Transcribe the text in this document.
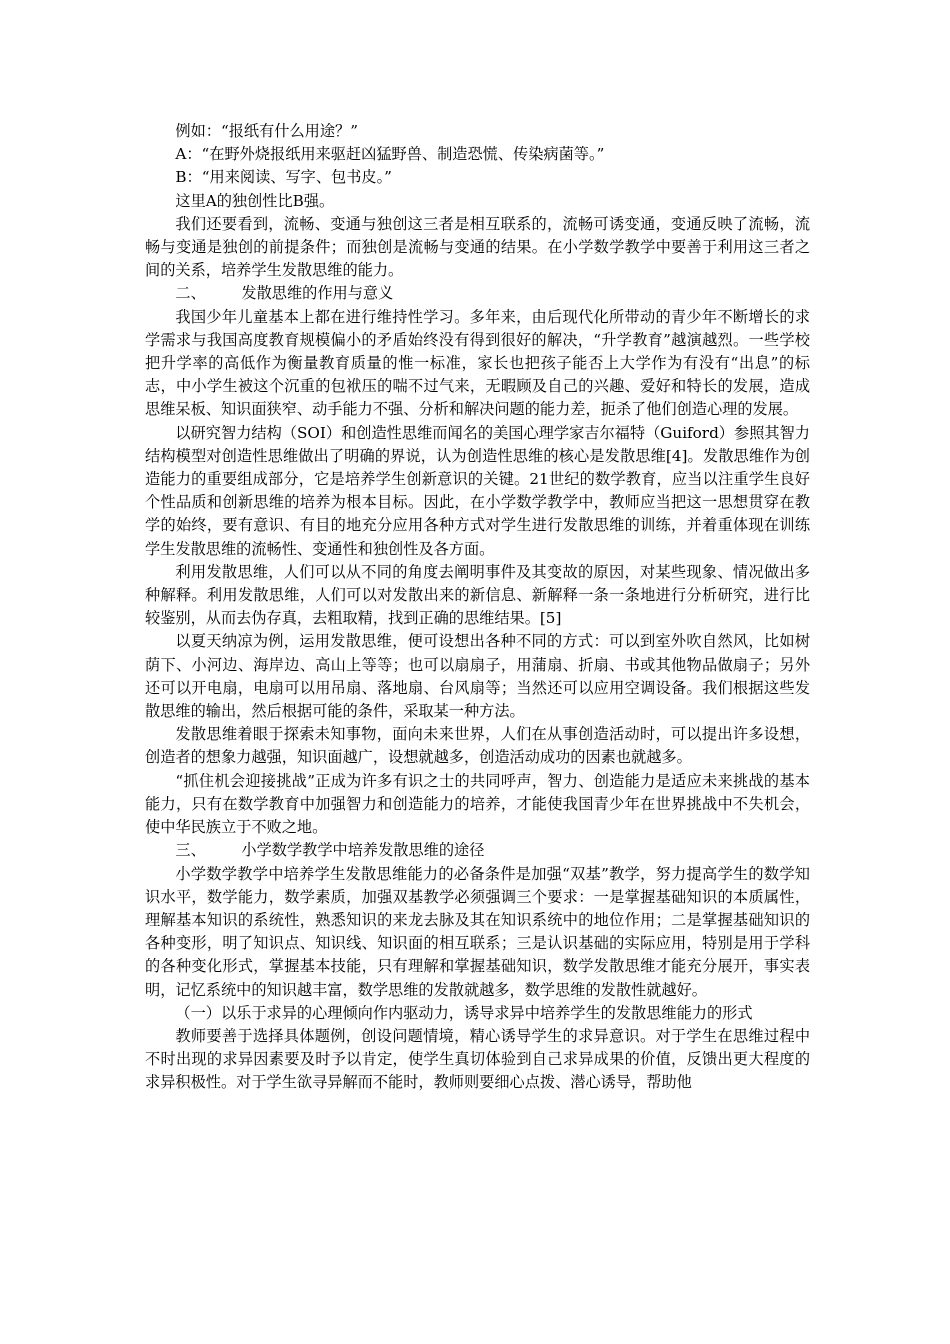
例如：“报纸有什么用途？”

A：“在野外烧报纸用来驱赶凶猛野兽、制造恐慌、传染病菌等。”

B：“用来阅读、写字、包书皮。”

这里A的独创性比B强。

我们还要看到，流畅、变通与独创这三者是相互联系的，流畅可诱变通，变通反映了流畅，流畅与变通是独创的前提条件；而独创是流畅与变通的结果。在小学数学教学中要善于利用这三者之间的关系，培养学生发散思维的能力。

二、 发散思维的作用与意义

我国少年儿童基本上都在进行维持性学习。多年来，由后现代化所带动的青少年不断增长的求学需求与我国高度教育规模偏小的矛盾始终没有得到很好的解决，“升学教育”越演越烈。一些学校把升学率的高低作为衡量教育质量的惟一标准，家长也把孩子能否上大学作为有没有“出息”的标志，中小学生被这个沉重的包袱压的喘不过气来，无暇顾及自己的兴趣、爱好和特长的发展，造成思维呆板、知识面狭窄、动手能力不强、分析和解决问题的能力差，扼杀了他们创造心理的发展。

以研究智力结构（SOI）和创造性思维而闻名的美国心理学家吉尔福特（Guiford）参照其智力结构模型对创造性思维做出了明确的界说，认为创造性思维的核心是发散思维[4]。发散思维作为创造能力的重要组成部分，它是培养学生创新意识的关键。21世纪的数学教育，应当以注重学生良好个性品质和创新思维的培养为根本目标。因此，在小学数学教学中，教师应当把这一思想贯穿在教学的始终，要有意识、有目的地充分应用各种方式对学生进行发散思维的训练，并着重体现在训练学生发散思维的流畅性、变通性和独创性及各方面。

利用发散思维，人们可以从不同的角度去阐明事件及其变故的原因，对某些现象、情况做出多种解释。利用发散思维，人们可以对发散出来的新信息、新解释一条一条地进行分析研究，进行比较鉴别，从而去伪存真，去粗取精，找到正确的思维结果。[5]

以夏天纳凉为例，运用发散思维，便可设想出各种不同的方式：可以到室外吹自然风，比如树荫下、小河边、海岸边、高山上等等；也可以扇扇子，用蒲扇、折扇、书或其他物品做扇子；另外还可以开电扇，电扇可以用吊扇、落地扇、台风扇等；当然还可以应用空调设备。我们根据这些发散思维的输出，然后根据可能的条件，采取某一种方法。

发散思维着眼于探索未知事物，面向未来世界，人们在从事创造活动时，可以提出许多设想，创造者的想象力越强，知识面越广，设想就越多，创造活动成功的因素也就越多。

“抓住机会迎接挑战”正成为许多有识之士的共同呼声，智力、创造能力是适应未来挑战的基本能力，只有在数学教育中加强智力和创造能力的培养，才能使我国青少年在世界挑战中不失机会，使中华民族立于不败之地。

三、 小学数学教学中培养发散思维的途径

小学数学教学中培养学生发散思维能力的必备条件是加强“双基”教学，努力提高学生的数学知识水平，数学能力，数学素质，加强双基教学必须强调三个要求：一是掌握基础知识的本质属性，理解基本知识的系统性，熟悉知识的来龙去脉及其在知识系统中的地位作用；二是掌握基础知识的各种变形，明了知识点、知识线、知识面的相互联系；三是认识基础的实际应用，特别是用于学科的各种变化形式，掌握基本技能，只有理解和掌握基础知识，数学发散思维才能充分展开，事实表明，记忆系统中的知识越丰富，数学思维的发散就越多，数学思维的发散性就越好。

（一）以乐于求异的心理倾向作内驱动力，诱导求异中培养学生的发散思维能力的形式

教师要善于选择具体题例，创设问题情境，精心诱导学生的求异意识。对于学生在思维过程中不时出现的求异因素要及时予以肯定，使学生真切体验到自己求异成果的价值，反馈出更大程度的求异积极性。对于学生欲寻异解而不能时，教师则要细心点拨、潜心诱导，帮助他
